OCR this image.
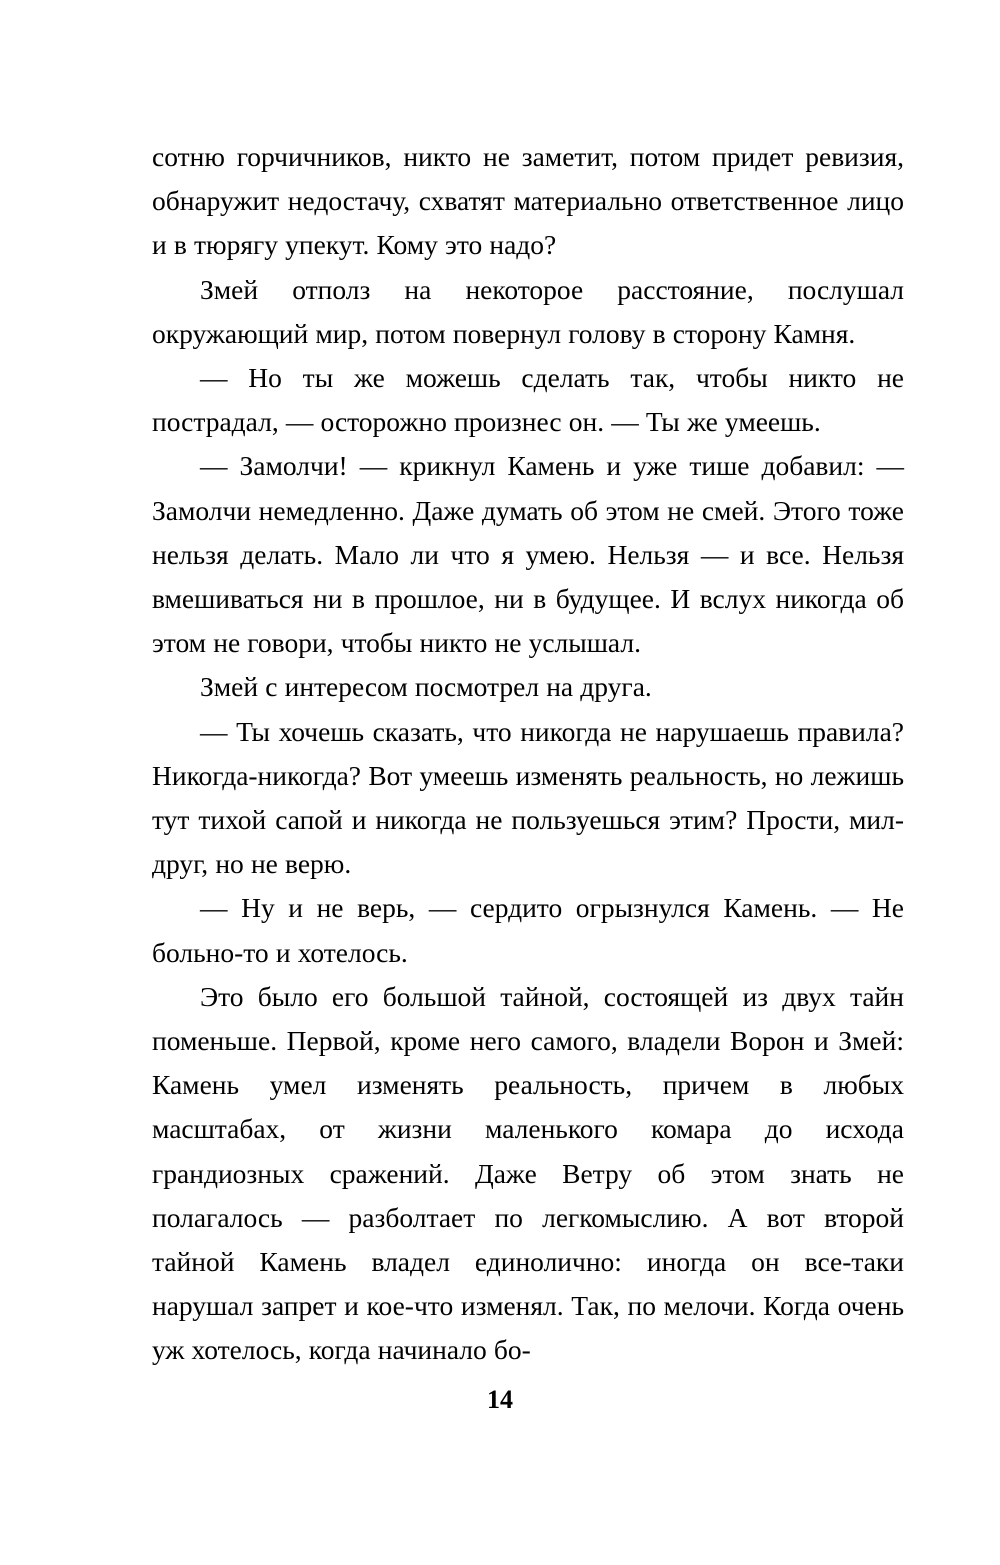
сотню горчичников, никто не заметит, потом придет ревизия, обнаружит недостачу, схватят материально ответственное лицо и в тюрягу упекут. Кому это надо?

Змей отполз на некоторое расстояние, послушал окружающий мир, потом повернул голову в сторону Камня.

— Но ты же можешь сделать так, чтобы никто не пострадал, — осторожно произнес он. — Ты же умеешь.

— Замолчи! — крикнул Камень и уже тише добавил: — Замолчи немедленно. Даже думать об этом не смей. Этого тоже нельзя делать. Мало ли что я умею. Нельзя — и все. Нельзя вмешиваться ни в прошлое, ни в будущее. И вслух никогда об этом не говори, чтобы никто не услышал.

Змей с интересом посмотрел на друга.

— Ты хочешь сказать, что никогда не нарушаешь правила? Никогда-никогда? Вот умеешь изменять реальность, но лежишь тут тихой сапой и никогда не пользуешься этим? Прости, мил-друг, но не верю.

— Ну и не верь, — сердито огрызнулся Камень. — Не больно-то и хотелось.

Это было его большой тайной, состоящей из двух тайн поменьше. Первой, кроме него самого, владели Ворон и Змей: Камень умел изменять реальность, причем в любых масштабах, от жизни маленького комара до исхода грандиозных сражений. Даже Ветру об этом знать не полагалось — разболтает по легкомыслию. А вот второй тайной Камень владел единолично: иногда он все-таки нарушал запрет и кое-что изменял. Так, по мелочи. Когда очень уж хотелось, когда начинало бо-

14
